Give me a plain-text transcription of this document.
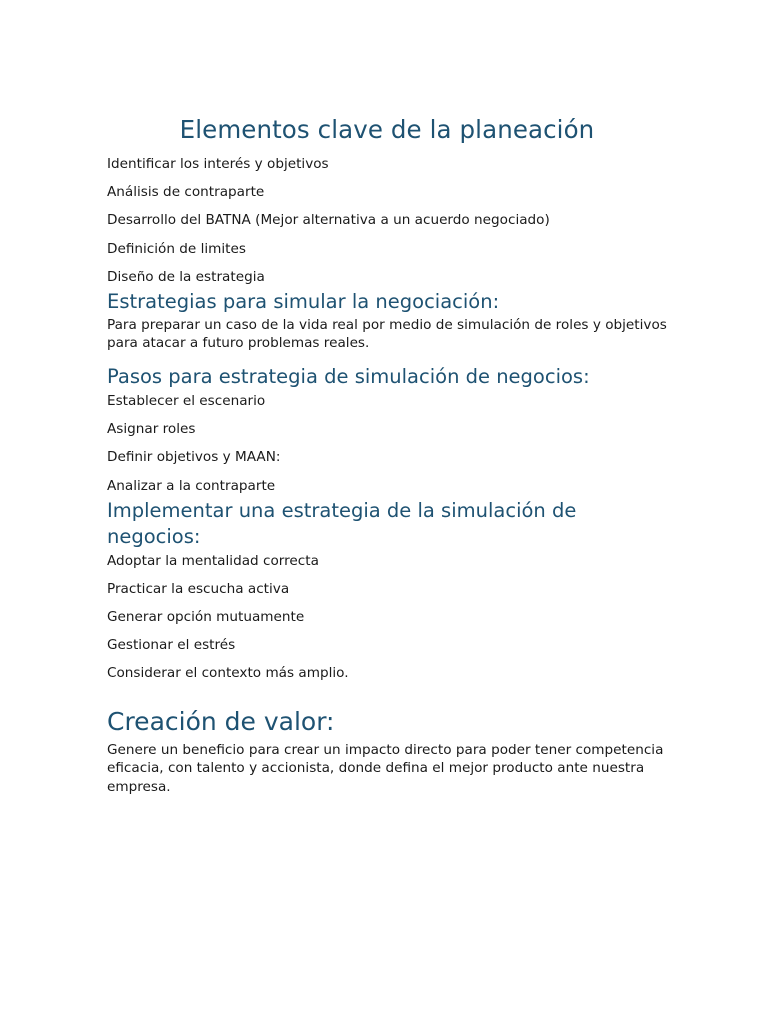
Elementos clave de la planeación
Identificar los interés y objetivos
Análisis de contraparte
Desarrollo del BATNA (Mejor alternativa a un acuerdo negociado)
Definición de limites
Diseño de la estrategia
Estrategias para simular la negociación:

Para preparar un caso de la vida real por medio de simulación de roles y objetivos para atacar a futuro problemas reales.

Pasos para estrategia de simulación de negocios:
Establecer el escenario
Asignar roles
Definir objetivos y MAAN:
Analizar a la contraparte
Implementar una estrategia de la simulación de negocios:
Adoptar la mentalidad correcta
Practicar la escucha activa
Generar opción mutuamente
Gestionar el estrés
Considerar el contexto más amplio.
Creación de valor:

Genere un beneficio para crear un impacto directo para poder tener competencia eficacia, con talento y accionista, donde defina el mejor producto ante nuestra empresa.
